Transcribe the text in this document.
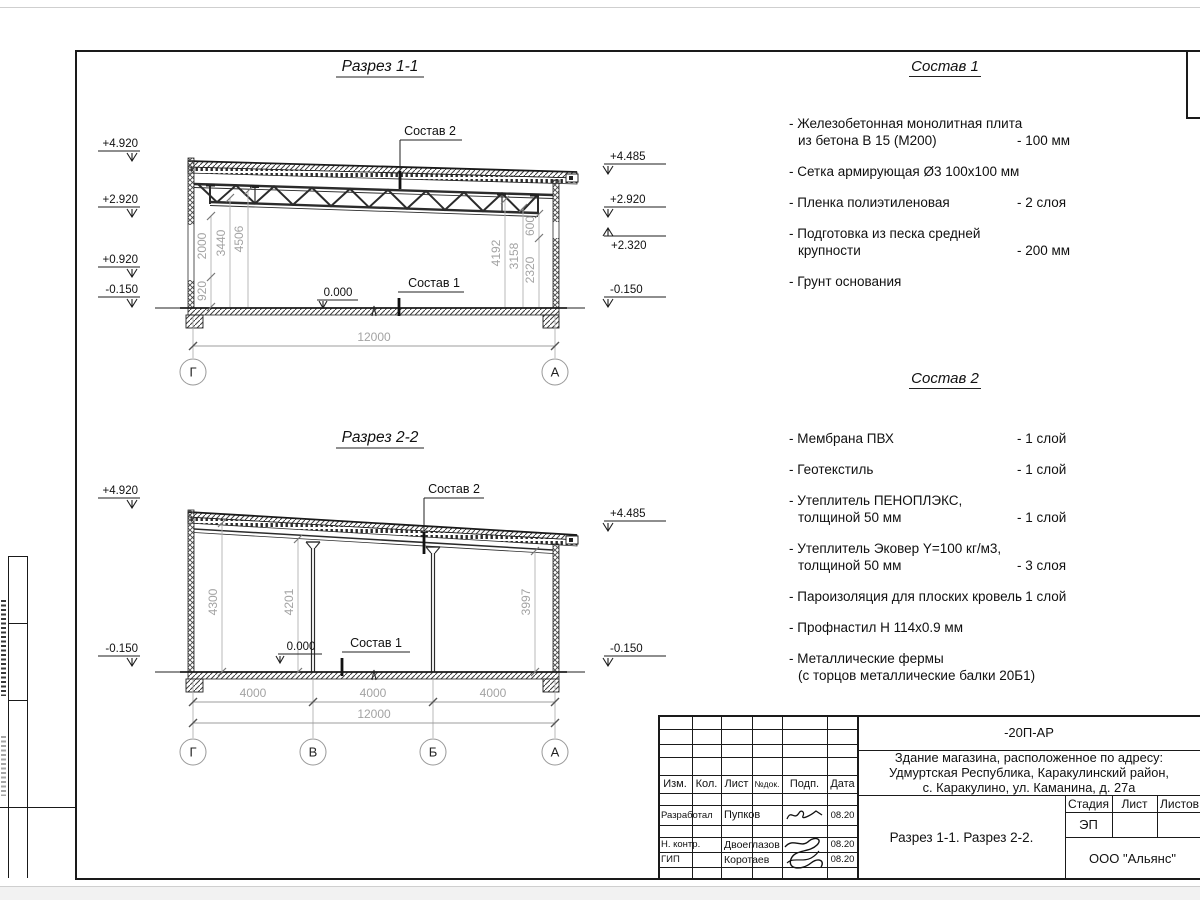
Разрез 1-1
+4.920
+2.920
+0.920
-0.150
+4.485
+2.920
+2.320
-0.150
920
2000 3440 4506
4192 3158
2320
600
Состав 2
Состав 1
0.000
12000
Г	А
Разрез 2-2
+4.920
-0.150
+4.485
-0.150
4300	4201	3997
Состав 2
Состав 1
0.000
4000	4000	4000
12000
Г	В	Б	А
Состав 1
- Железобетонная монолитная плита
из бетона В 15 (М200)	- 100 мм
- Сетка армирующая Ø3 100x100 мм
- Пленка полиэтиленовая	- 2 слоя
- Подготовка из песка средней
крупности	- 200 мм
- Грунт основания
Состав 2
- Мембрана ПВХ	- 1 слой
- Геотекстиль	- 1 слой
- Утеплитель ПЕНОПЛЭКС,
толщиной 50 мм	- 1 слой
- Утеплитель Эковер Y=100 кг/м3,
толщиной 50 мм	- 3 слоя
- Пароизоляция для плоских кровель
- 1 слой
- Профнастил Н 114x0.9 мм
- Металлические фермы
(с торцов металлические балки 20Б1)
Изм. Кол. Лист №док. Подп.	Дата
Разработал	Пупков	08.20
Н. контр.	Двоеглазов	08.20
ГИП	Коротаев	08.20
-20П-АР
Здание магазина, расположенное по адресу:
Удмуртская Республика, Каракулинский район,
с. Каракулино, ул. Каманина, д. 27а
Разрез 1-1. Разрез 2-2.
Стадия	Лист	Листов
ЭП
ООО "Альянс"
